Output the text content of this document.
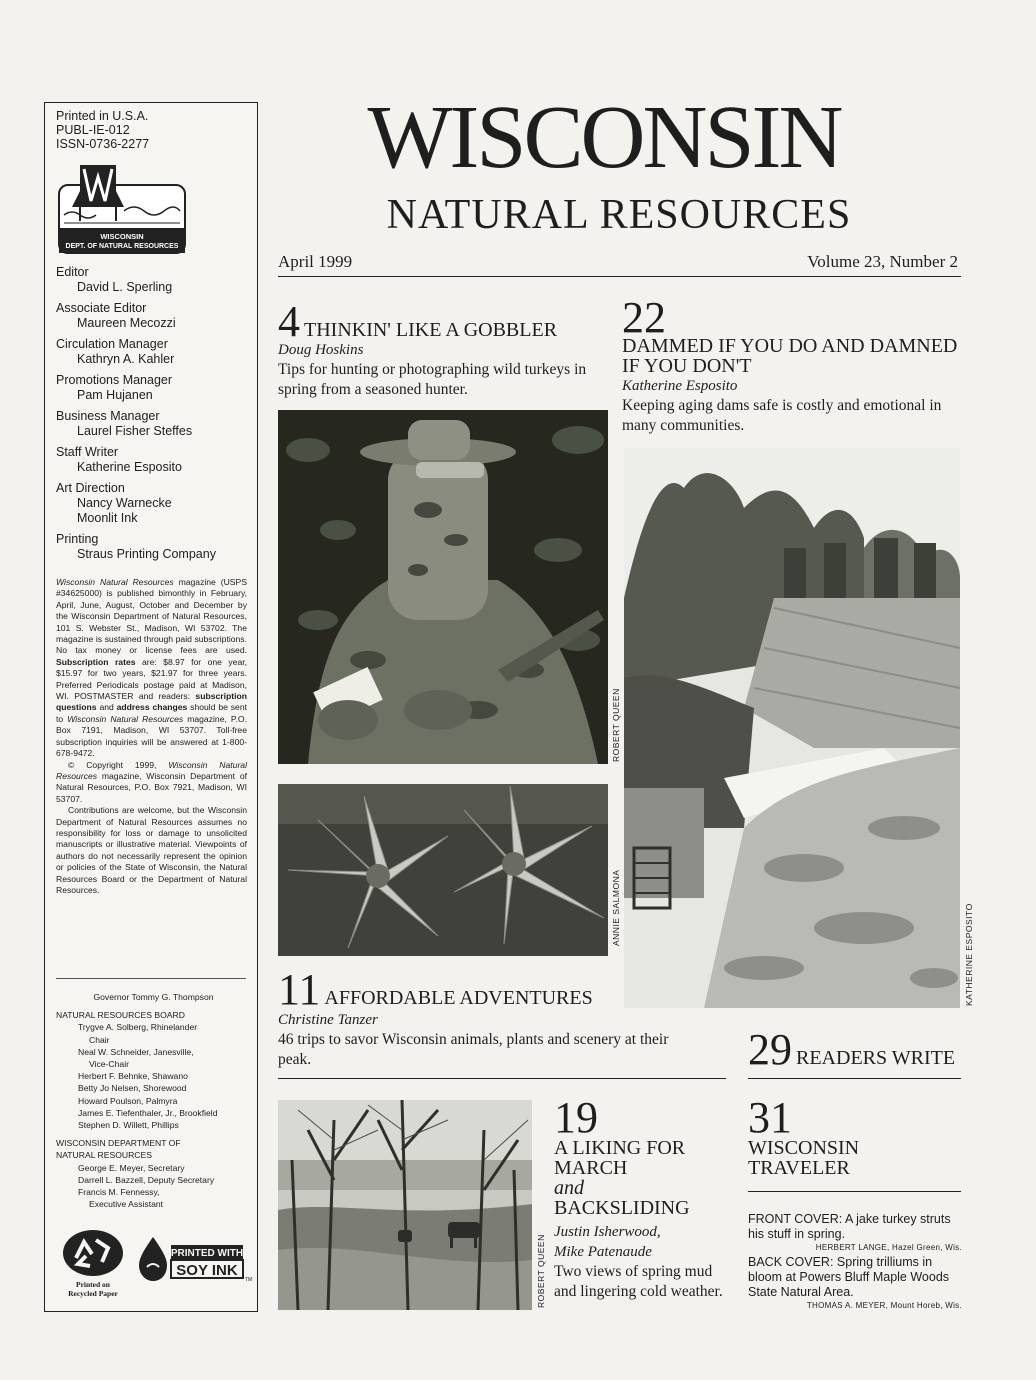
Printed in U.S.A.
PUBL-IE-012
ISSN-0736-2277
WISCONSIN
DEPT. OF NATURAL RESOURCES
Editor
David L. Sperling
Associate Editor
Maureen Mecozzi
Circulation Manager
Kathryn A. Kahler
Promotions Manager
Pam Hujanen
Business Manager
Laurel Fisher Steffes
Staff Writer
Katherine Esposito
Art Direction
Nancy Warnecke
Moonlit Ink
Printing
Straus Printing Company

Wisconsin Natural Resources magazine (USPS #34625000) is published bimonthly in February, April, June, August, October and December by the Wisconsin Department of Natural Resources, 101 S. Webster St., Madison, WI 53702. The magazine is sustained through paid subscriptions. No tax money or license fees are used. Subscription rates are: $8.97 for one year, $15.97 for two years, $21.97 for three years. Preferred Periodicals postage paid at Madison, WI. POSTMASTER and readers: subscription questions and address changes should be sent to Wisconsin Natural Resources magazine, P.O. Box 7191, Madison, WI 53707. Toll-free subscription inquiries will be answered at 1-800-678-9472.

© Copyright 1999, Wisconsin Natural Resources magazine, Wisconsin Department of Natural Resources, P.O. Box 7921, Madison, WI 53707.

Contributions are welcome, but the Wisconsin Department of Natural Resources assumes no responsibility for loss or damage to unsolicited manuscripts or illustrative material. Viewpoints of authors do not necessarily represent the opinion or policies of the State of Wisconsin, the Natural Resources Board or the Department of Natural Resources.

Governor Tommy G. Thompson
NATURAL RESOURCES BOARD
Trygve A. Solberg, Rhinelander
Chair
Neal W. Schneider, Janesville,
Vice-Chair
Herbert F. Behnke, Shawano
Betty Jo Nelsen, Shorewood
Howard Poulson, Palmyra
James E. Tiefenthaler, Jr., Brookfield
Stephen D. Willett, Phillips
WISCONSIN DEPARTMENT OF
NATURAL RESOURCES
George E. Meyer, Secretary
Darrell L. Bazzell, Deputy Secretary
Francis M. Fennessy,
Executive Assistant
Printed on
Recycled Paper
PRINTED WITH
SOY INK
TM
WISCONSIN
NATURAL RESOURCES
April 1999	Volume 23, Number 2
4 THINKIN' LIKE A GOBBLER
Doug Hoskins
Tips for hunting or photographing wild turkeys in spring from a seasoned hunter.
ROBERT QUEEN
ANNIE SALMONA
22
DAMMED IF YOU DO AND DAMNED IF YOU DON'T
Katherine Esposito
Keeping aging dams safe is costly and emotional in many communities.
KATHERINE ESPOSITO
11 AFFORDABLE ADVENTURES
Christine Tanzer
46 trips to savor Wisconsin animals, plants and scenery at their peak.	29 READERS WRITE
ROBERT QUEEN
19
A LIKING FOR
MARCH
and
BACKSLIDING
Justin Isherwood,
Mike Patenaude
Two views of spring mud and lingering cold weather.
31
WISCONSIN
TRAVELER
FRONT COVER: A jake turkey struts his stuff in spring.
HERBERT LANGE, Hazel Green, Wis.
BACK COVER: Spring trilliums in bloom at Powers Bluff Maple Woods State Natural Area.
THOMAS A. MEYER, Mount Horeb, Wis.
